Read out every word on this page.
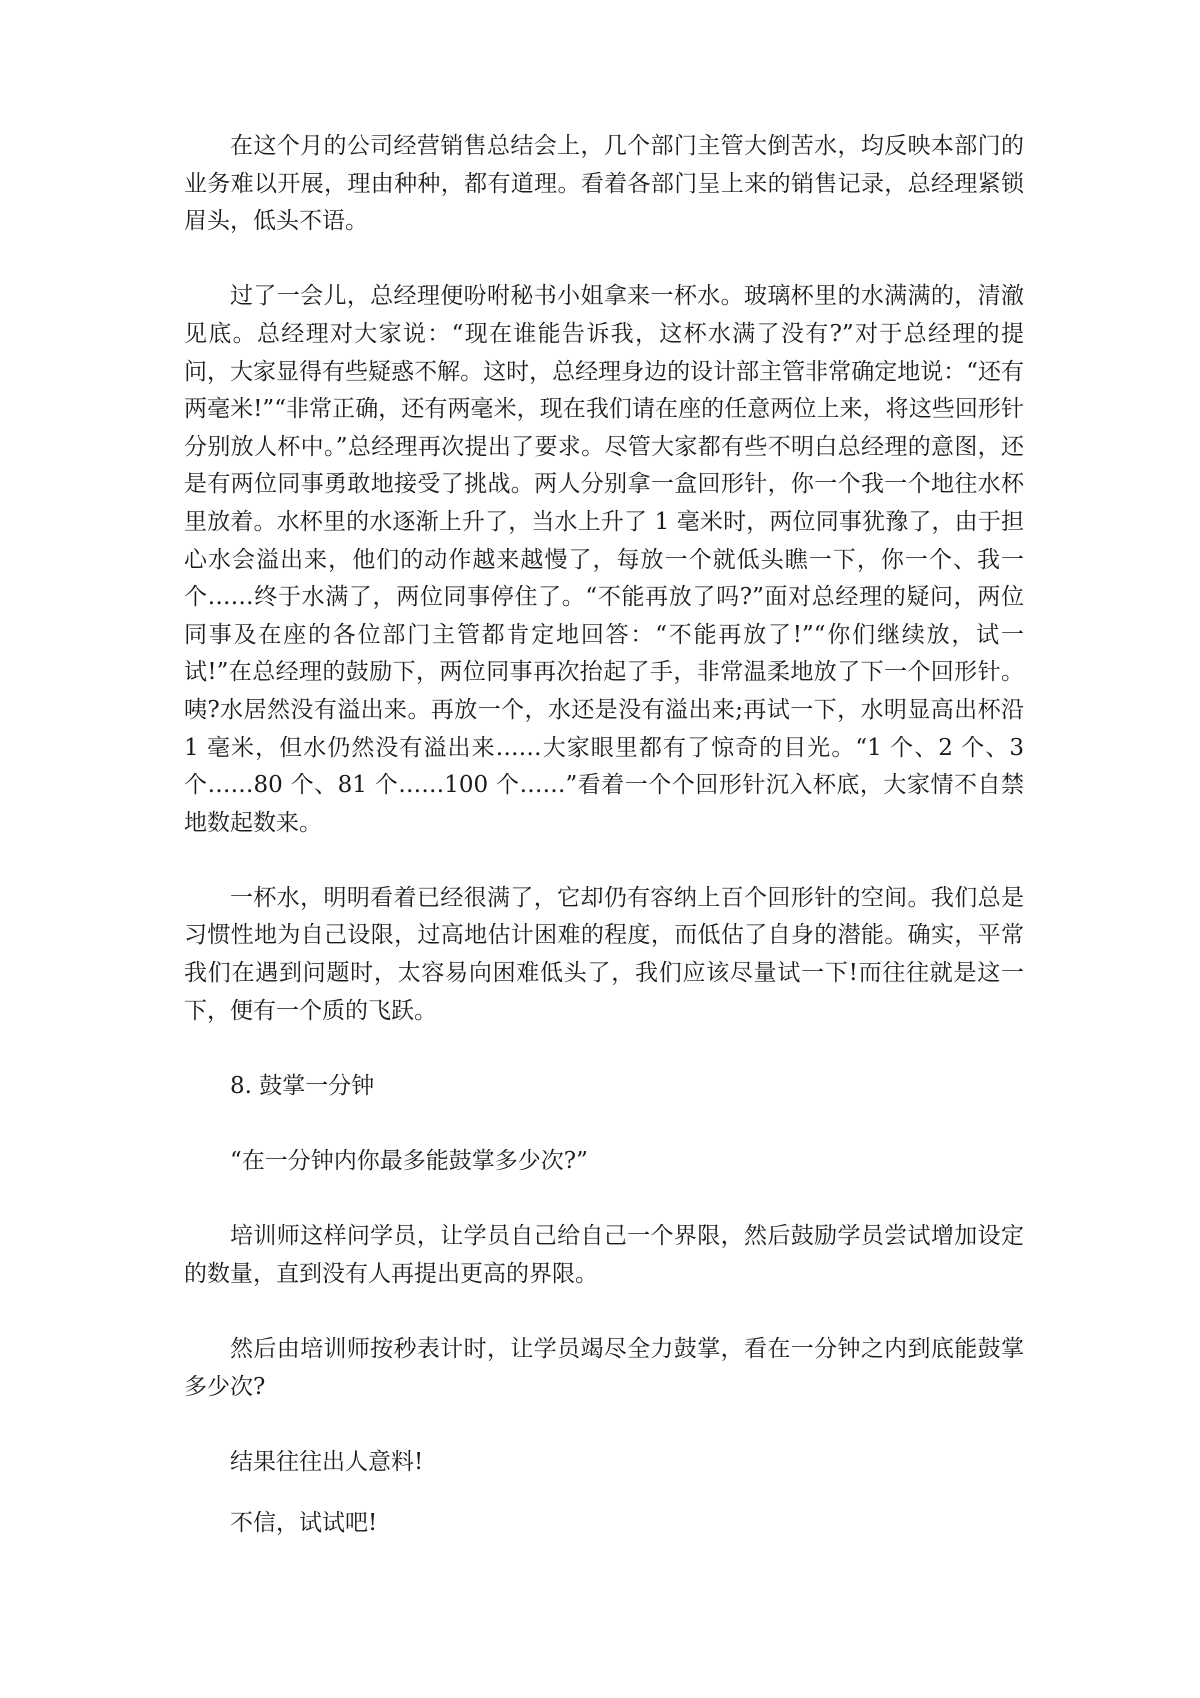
在这个月的公司经营销售总结会上，几个部门主管大倒苦水，均反映本部门的业务难以开展，理由种种，都有道理。看着各部门呈上来的销售记录，总经理紧锁眉头，低头不语。

过了一会儿，总经理便吩咐秘书小姐拿来一杯水。玻璃杯里的水满满的，清澈见底。总经理对大家说：“现在谁能告诉我，这杯水满了没有?”对于总经理的提问，大家显得有些疑惑不解。这时，总经理身边的设计部主管非常确定地说：“还有两毫米!”“非常正确，还有两毫米，现在我们请在座的任意两位上来，将这些回形针分别放人杯中。”总经理再次提出了要求。尽管大家都有些不明白总经理的意图，还是有两位同事勇敢地接受了挑战。两人分别拿一盒回形针，你一个我一个地往水杯里放着。水杯里的水逐渐上升了，当水上升了 1 毫米时，两位同事犹豫了，由于担心水会溢出来，他们的动作越来越慢了，每放一个就低头瞧一下，你一个、我一个……终于水满了，两位同事停住了。“不能再放了吗?”面对总经理的疑问，两位同事及在座的各位部门主管都肯定地回答：“不能再放了!”“你们继续放，试一试!”在总经理的鼓励下，两位同事再次抬起了手，非常温柔地放了下一个回形针。咦?水居然没有溢出来。再放一个，水还是没有溢出来;再试一下，水明显高出杯沿 1 毫米，但水仍然没有溢出来……大家眼里都有了惊奇的目光。“1 个、2 个、3 个……80 个、81 个……100 个……”看着一个个回形针沉入杯底，大家情不自禁地数起数来。

一杯水，明明看着已经很满了，它却仍有容纳上百个回形针的空间。我们总是习惯性地为自己设限，过高地估计困难的程度，而低估了自身的潜能。确实，平常我们在遇到问题时，太容易向困难低头了，我们应该尽量试一下!而往往就是这一下，便有一个质的飞跃。

8. 鼓掌一分钟

“在一分钟内你最多能鼓掌多少次?”

培训师这样问学员，让学员自己给自己一个界限，然后鼓励学员尝试增加设定的数量，直到没有人再提出更高的界限。

然后由培训师按秒表计时，让学员竭尽全力鼓掌，看在一分钟之内到底能鼓掌多少次?

结果往往出人意料!

不信，试试吧!
